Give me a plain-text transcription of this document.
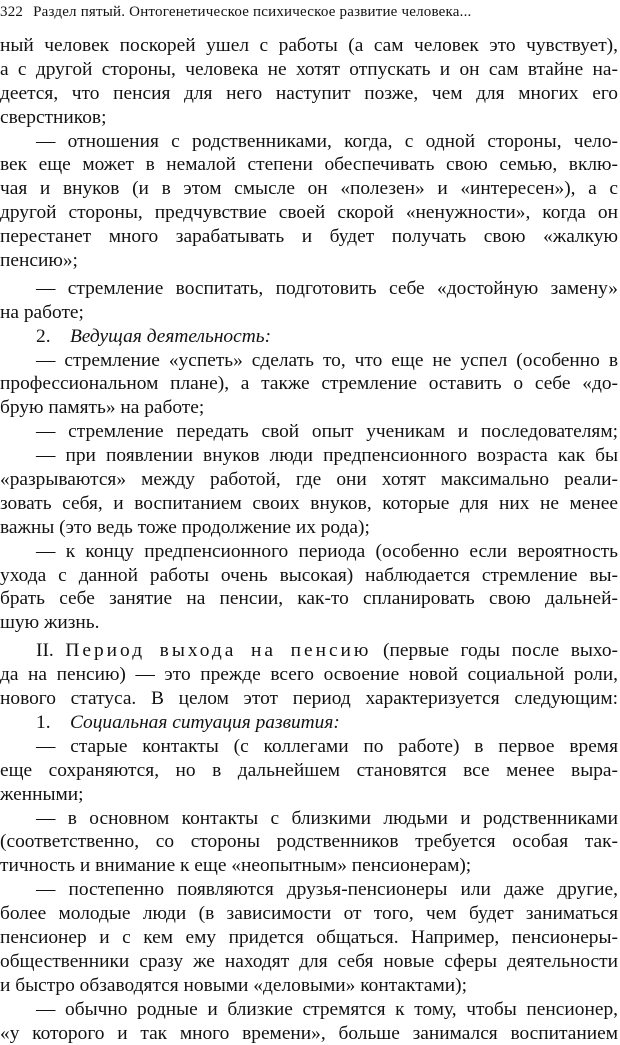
322 Раздел пятый. Онтогенетическое психическое развитие человека...
ный человек поскорей ушел с работы (а сам человек это чувствует),
а с другой стороны, человека не хотят отпускать и он сам втайне на-
деется, что пенсия для него наступит позже, чем для многих его
сверстников;
— отношения с родственниками, когда, с одной стороны, чело-
век еще может в немалой степени обеспечивать свою семью, вклю-
чая и внуков (и в этом смысле он «полезен» и «интересен»), а с
другой стороны, предчувствие своей скорой «ненужности», когда он
перестанет много зарабатывать и будет получать свою «жалкую
пенсию»;
— стремление воспитать, подготовить себе «достойную замену»
на работе;
2. Ведущая деятельность:
— стремление «успеть» сделать то, что еще не успел (особенно в
профессиональном плане), а также стремление оставить о себе «до-
брую память» на работе;
— стремление передать свой опыт ученикам и последователям;
— при появлении внуков люди предпенсионного возраста как бы
«разрываются» между работой, где они хотят максимально реали-
зовать себя, и воспитанием своих внуков, которые для них не менее
важны (это ведь тоже продолжение их рода);
— к концу предпенсионного периода (особенно если вероятность
ухода с данной работы очень высокая) наблюдается стремление вы-
брать себе занятие на пенсии, как-то спланировать свою дальней-
шую жизнь.
II. Период выхода на пенсию (первые годы после выхо-
да на пенсию) — это прежде всего освоение новой социальной роли,
нового статуса. В целом этот период характеризуется следующим:
1. Социальная ситуация развития:
— старые контакты (с коллегами по работе) в первое время
еще сохраняются, но в дальнейшем становятся все менее выра-
женными;
— в основном контакты с близкими людьми и родственниками
(соответственно, со стороны родственников требуется особая так-
тичность и внимание к еще «неопытным» пенсионерам);
— постепенно появляются друзья-пенсионеры или даже другие,
более молодые люди (в зависимости от того, чем будет заниматься
пенсионер и с кем ему придется общаться. Например, пенсионеры-
общественники сразу же находят для себя новые сферы деятельности
и быстро обзаводятся новыми «деловыми» контактами);
— обычно родные и близкие стремятся к тому, чтобы пенсионер,
«у которого и так много времени», больше занимался воспитанием
